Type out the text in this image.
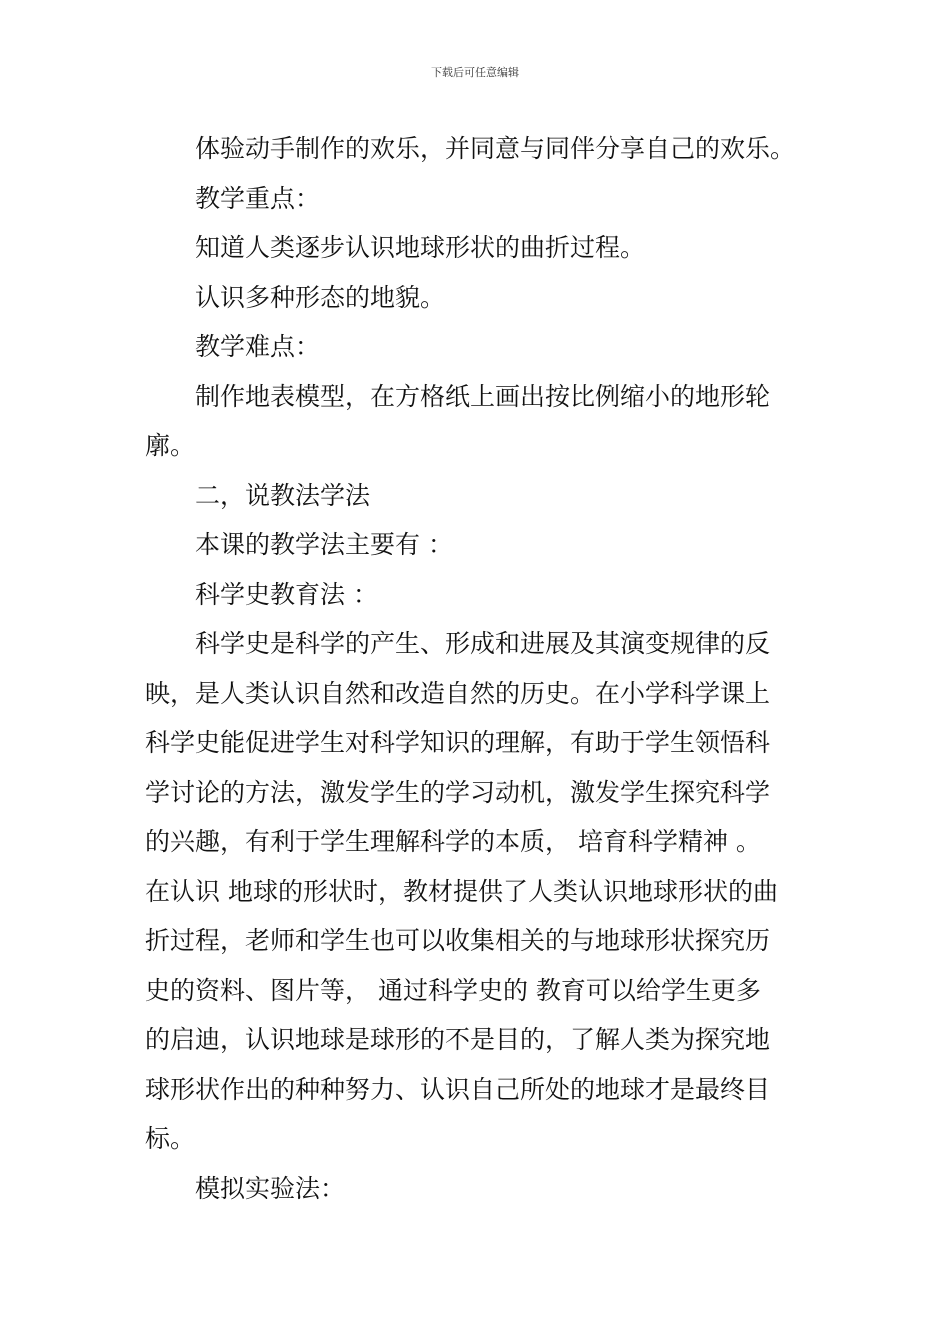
下载后可任意编辑
体验动手制作的欢乐，并同意与同伴分享自己的欢乐。
教学重点：
知道人类逐步认识地球形状的曲折过程。
认识多种形态的地貌。
教学难点：
制作地表模型，在方格纸上画出按比例缩小的地形轮
廓。
二，说教法学法
本课的教学法主要有 ：
科学史教育法 ：
科学史是科学的产生、形成和进展及其演变规律的反
映，是人类认识自然和改造自然的历史。在小学科学课上
科学史能促进学生对科学知识的理解，有助于学生领悟科
学讨论的方法，激发学生的学习动机，激发学生探究科学
的兴趣，有利于学生理解科学的本质， 培育科学精神 。
在认识 地球的形状时，教材提供了人类认识地球形状的曲
折过程，老师和学生也可以收集相关的与地球形状探究历
史的资料、图片等， 通过科学史的 教育可以给学生更多
的启迪，认识地球是球形的不是目的，了解人类为探究地
球形状作出的种种努力、认识自己所处的地球才是最终目
标。
模拟实验法：
